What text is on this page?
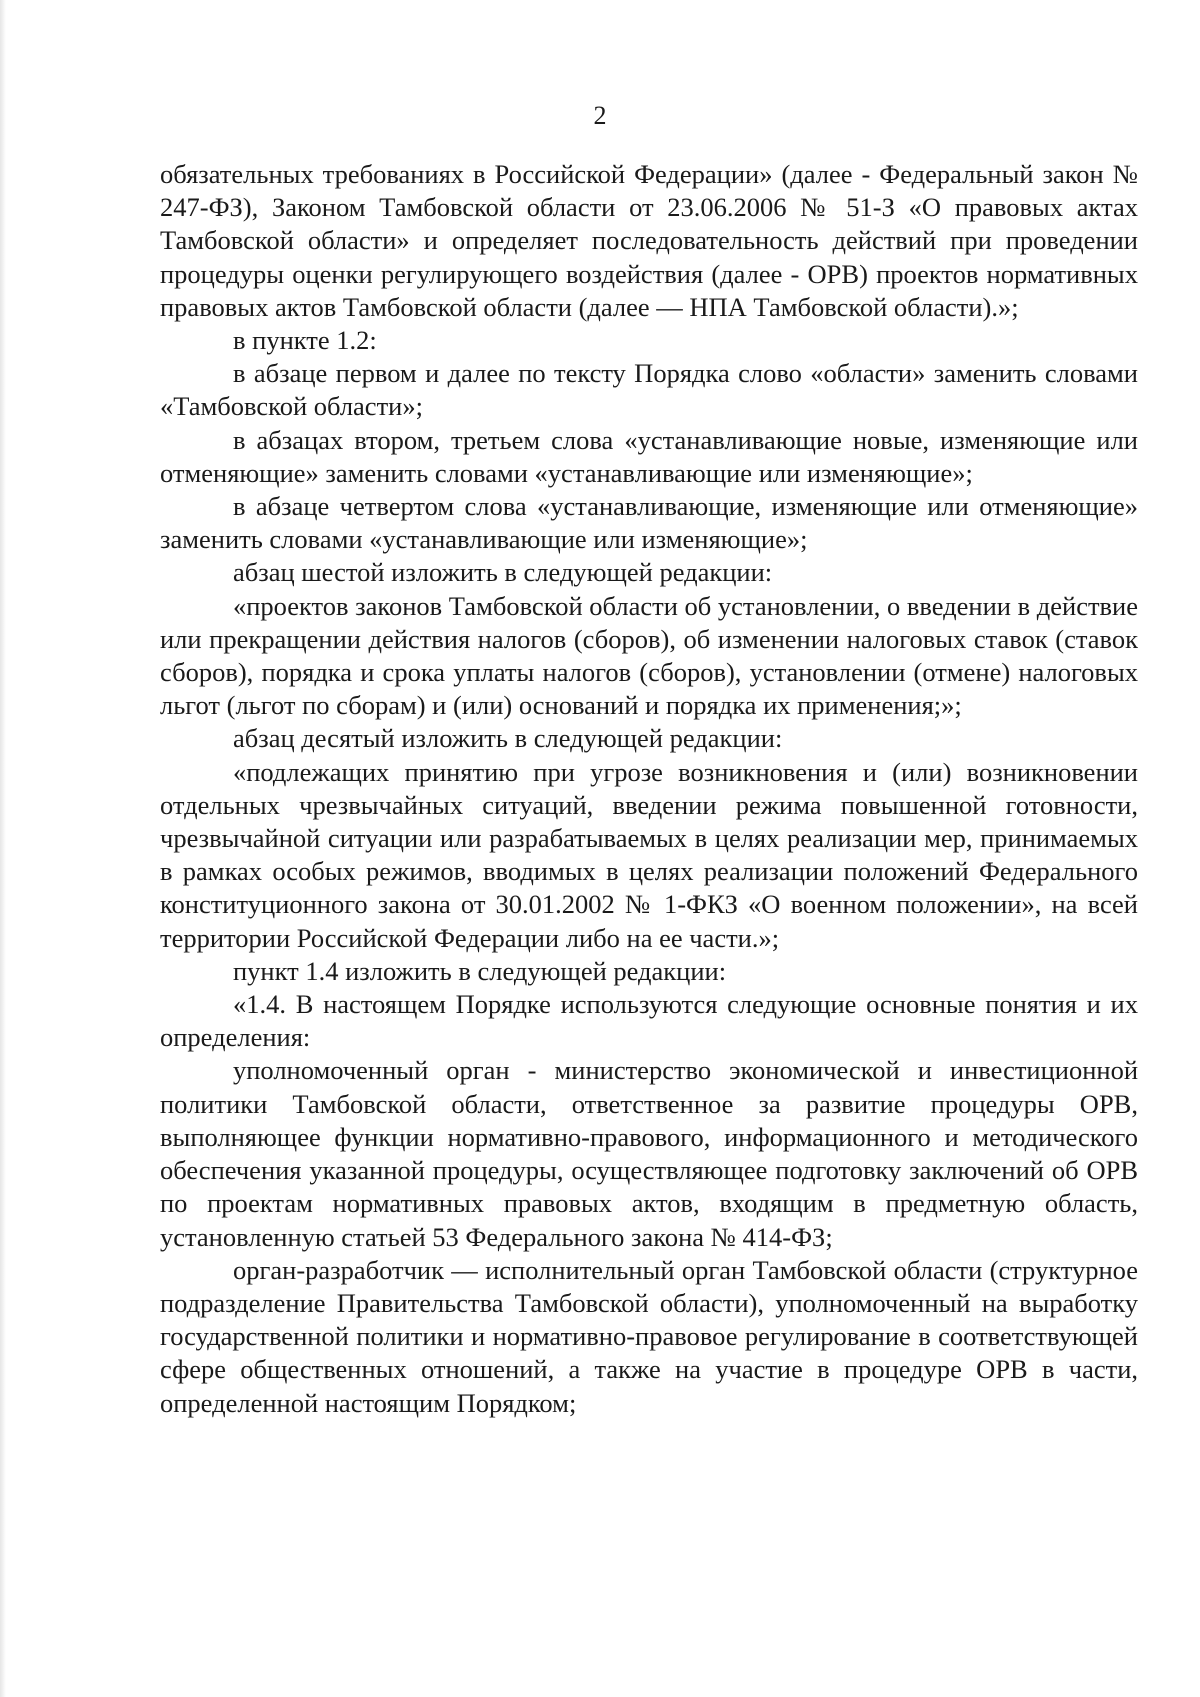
2

обязательных требованиях в Российской Федерации» (далее - Федеральный закон № 247-ФЗ), Законом Тамбовской области от 23.06.2006 № 51-З «О правовых актах Тамбовской области» и определяет последовательность действий при проведении процедуры оценки регулирующего воздействия (далее - ОРВ) проектов нормативных правовых актов Тамбовской области (далее — НПА Тамбовской области).»;

в пункте 1.2:

в абзаце первом и далее по тексту Порядка слово «области» заменить словами «Тамбовской области»;

в абзацах втором, третьем слова «устанавливающие новые, изменяющие или отменяющие» заменить словами «устанавливающие или изменяющие»;

в абзаце четвертом слова «устанавливающие, изменяющие или отменяющие» заменить словами «устанавливающие или изменяющие»;

абзац шестой изложить в следующей редакции:

«проектов законов Тамбовской области об установлении, о введении в действие или прекращении действия налогов (сборов), об изменении налоговых ставок (ставок сборов), порядка и срока уплаты налогов (сборов), установлении (отмене) налоговых льгот (льгот по сборам) и (или) оснований и порядка их применения;»;

абзац десятый изложить в следующей редакции:

«подлежащих принятию при угрозе возникновения и (или) возникновении отдельных чрезвычайных ситуаций, введении режима повышенной готовности, чрезвычайной ситуации или разрабатываемых в целях реализации мер, принимаемых в рамках особых режимов, вводимых в целях реализации положений Федерального конституционного закона от 30.01.2002 № 1-ФКЗ «О военном положении», на всей территории Российской Федерации либо на ее части.»;

пункт 1.4 изложить в следующей редакции:

«1.4. В настоящем Порядке используются следующие основные понятия и их определения:

уполномоченный орган - министерство экономической и инвестиционной политики Тамбовской области, ответственное за развитие процедуры ОРВ, выполняющее функции нормативно-правового, информационного и методического обеспечения указанной процедуры, осуществляющее подготовку заключений об ОРВ по проектам нормативных правовых актов, входящим в предметную область, установленную статьей 53 Федерального закона № 414-ФЗ;

орган-разработчик — исполнительный орган Тамбовской области (структурное подразделение Правительства Тамбовской области), уполномоченный на выработку государственной политики и нормативно-правовое регулирование в соответствующей сфере общественных отношений, а также на участие в процедуре ОРВ в части, определенной настоящим Порядком;
